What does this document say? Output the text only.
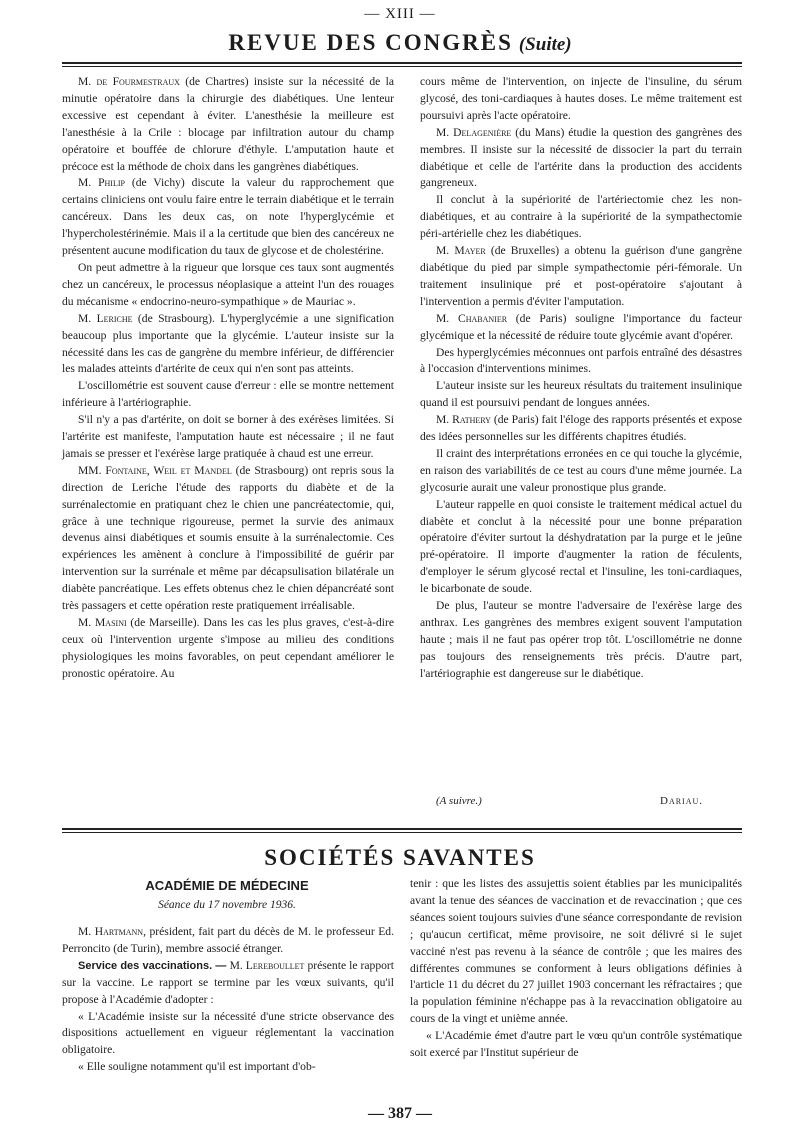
— XIII —
REVUE DES CONGRÈS (Suite)

M. de Fourmestraux (de Chartres) insiste sur la nécessité de la minutie opératoire dans la chirurgie des diabétiques. Une lenteur excessive est cependant à éviter. L'anesthésie la meilleure est l'anesthésie à la Crile : blocage par infiltration autour du champ opératoire et bouffée de chlorure d'éthyle. L'amputation haute et précoce est la méthode de choix dans les gangrènes diabétiques.

M. Philip (de Vichy) discute la valeur du rapprochement que certains cliniciens ont voulu faire entre le terrain diabétique et le terrain cancéreux. Dans les deux cas, on note l'hyperglycémie et l'hypercholestérinémie. Mais il a la certitude que bien des cancéreux ne présentent aucune modification du taux de glycose et de cholestérine.

On peut admettre à la rigueur que lorsque ces taux sont augmentés chez un cancéreux, le processus néoplasique a atteint l'un des rouages du mécanisme « endocrino-neuro-sympathique » de Mauriac ».

M. Leriche (de Strasbourg). L'hyperglycémie a une signification beaucoup plus importante que la glycémie. L'auteur insiste sur la nécessité dans les cas de gangrène du membre inférieur, de différencier les malades atteints d'artérite de ceux qui n'en sont pas atteints.

L'oscillométrie est souvent cause d'erreur : elle se montre nettement inférieure à l'artériographie.

S'il n'y a pas d'artérite, on doit se borner à des exérèses limitées. Si l'artérite est manifeste, l'amputation haute est nécessaire ; il ne faut jamais se presser et l'exérèse large pratiquée à chaud est une erreur.

MM. Fontaine, Weil et Mandel (de Strasbourg) ont repris sous la direction de Leriche l'étude des rapports du diabète et de la surrénalectomie en pratiquant chez le chien une pancréatectomie, qui, grâce à une technique rigoureuse, permet la survie des animaux devenus ainsi diabétiques et soumis ensuite à la surrénalectomie. Ces expériences les amènent à conclure à l'impossibilité de guérir par intervention sur la surrénale et même par décapsulisation bilatérale un diabète pancréatique. Les effets obtenus chez le chien dépancréaté sont très passagers et cette opération reste pratiquement irréalisable.

M. Masini (de Marseille). Dans les cas les plus graves, c'est-à-dire ceux où l'intervention urgente s'impose au milieu des conditions physiologiques les moins favorables, on peut cependant améliorer le pronostic opératoire. Au

cours même de l'intervention, on injecte de l'insuline, du sérum glycosé, des toni-cardiaques à hautes doses. Le même traitement est poursuivi après l'acte opératoire.

M. Delagenière (du Mans) étudie la question des gangrènes des membres. Il insiste sur la nécessité de dissocier la part du terrain diabétique et celle de l'artérite dans la production des accidents gangreneux.

Il conclut à la supériorité de l'artériectomie chez les non-diabétiques, et au contraire à la supériorité de la sympathectomie péri-artérielle chez les diabétiques.

M. Mayer (de Bruxelles) a obtenu la guérison d'une gangrène diabétique du pied par simple sympathectomie péri-fémorale. Un traitement insulinique pré et post-opératoire s'ajoutant à l'intervention a permis d'éviter l'amputation.

M. Chabanier (de Paris) souligne l'importance du facteur glycémique et la nécessité de réduire toute glycémie avant d'opérer.

Des hyperglycémies méconnues ont parfois entraîné des désastres à l'occasion d'interventions minimes.

L'auteur insiste sur les heureux résultats du traitement insulinique quand il est poursuivi pendant de longues années.

M. Rathery (de Paris) fait l'éloge des rapports présentés et expose des idées personnelles sur les différents chapitres étudiés.

Il craint des interprétations erronées en ce qui touche la glycémie, en raison des variabilités de ce test au cours d'une même journée. La glycosurie aurait une valeur pronostique plus grande.

L'auteur rappelle en quoi consiste le traitement médical actuel du diabète et conclut à la nécessité pour une bonne préparation opératoire d'éviter surtout la déshydratation par la purge et le jeûne pré-opératoire. Il importe d'augmenter la ration de féculents, d'employer le sérum glycosé rectal et l'insuline, les toni-cardiaques, le bicarbonate de soude.

De plus, l'auteur se montre l'adversaire de l'exérèse large des anthrax. Les gangrènes des membres exigent souvent l'amputation haute ; mais il ne faut pas opérer trop tôt. L'oscillométrie ne donne pas toujours des renseignements très précis. D'autre part, l'artériographie est dangereuse sur le diabétique.

(A suivre.)	Dariau.
SOCIÉTÉS SAVANTES
ACADÉMIE DE MÉDECINE
Séance du 17 novembre 1936.

M. Hartmann, président, fait part du décès de M. le professeur Ed. Perroncito (de Turin), membre associé étranger.

Service des vaccinations. — M. Lereboullet présente le rapport sur la vaccine. Le rapport se termine par les vœux suivants, qu'il propose à l'Académie d'adopter :

« L'Académie insiste sur la nécessité d'une stricte observance des dispositions actuellement en vigueur réglementant la vaccination obligatoire.

« Elle souligne notamment qu'il est important d'ob-

tenir : que les listes des assujettis soient établies par les municipalités avant la tenue des séances de vaccination et de revaccination ; que ces séances soient toujours suivies d'une séance correspondante de revision ; qu'aucun certificat, même provisoire, ne soit délivré si le sujet vacciné n'est pas revenu à la séance de contrôle ; que les maires des différentes communes se conforment à leurs obligations définies à l'article 11 du décret du 27 juillet 1903 concernant les réfractaires ; que la population féminine n'échappe pas à la revaccination obligatoire au cours de la vingt et unième année.

« L'Académie émet d'autre part le vœu qu'un contrôle systématique soit exercé par l'Institut supérieur de

— 387 —
